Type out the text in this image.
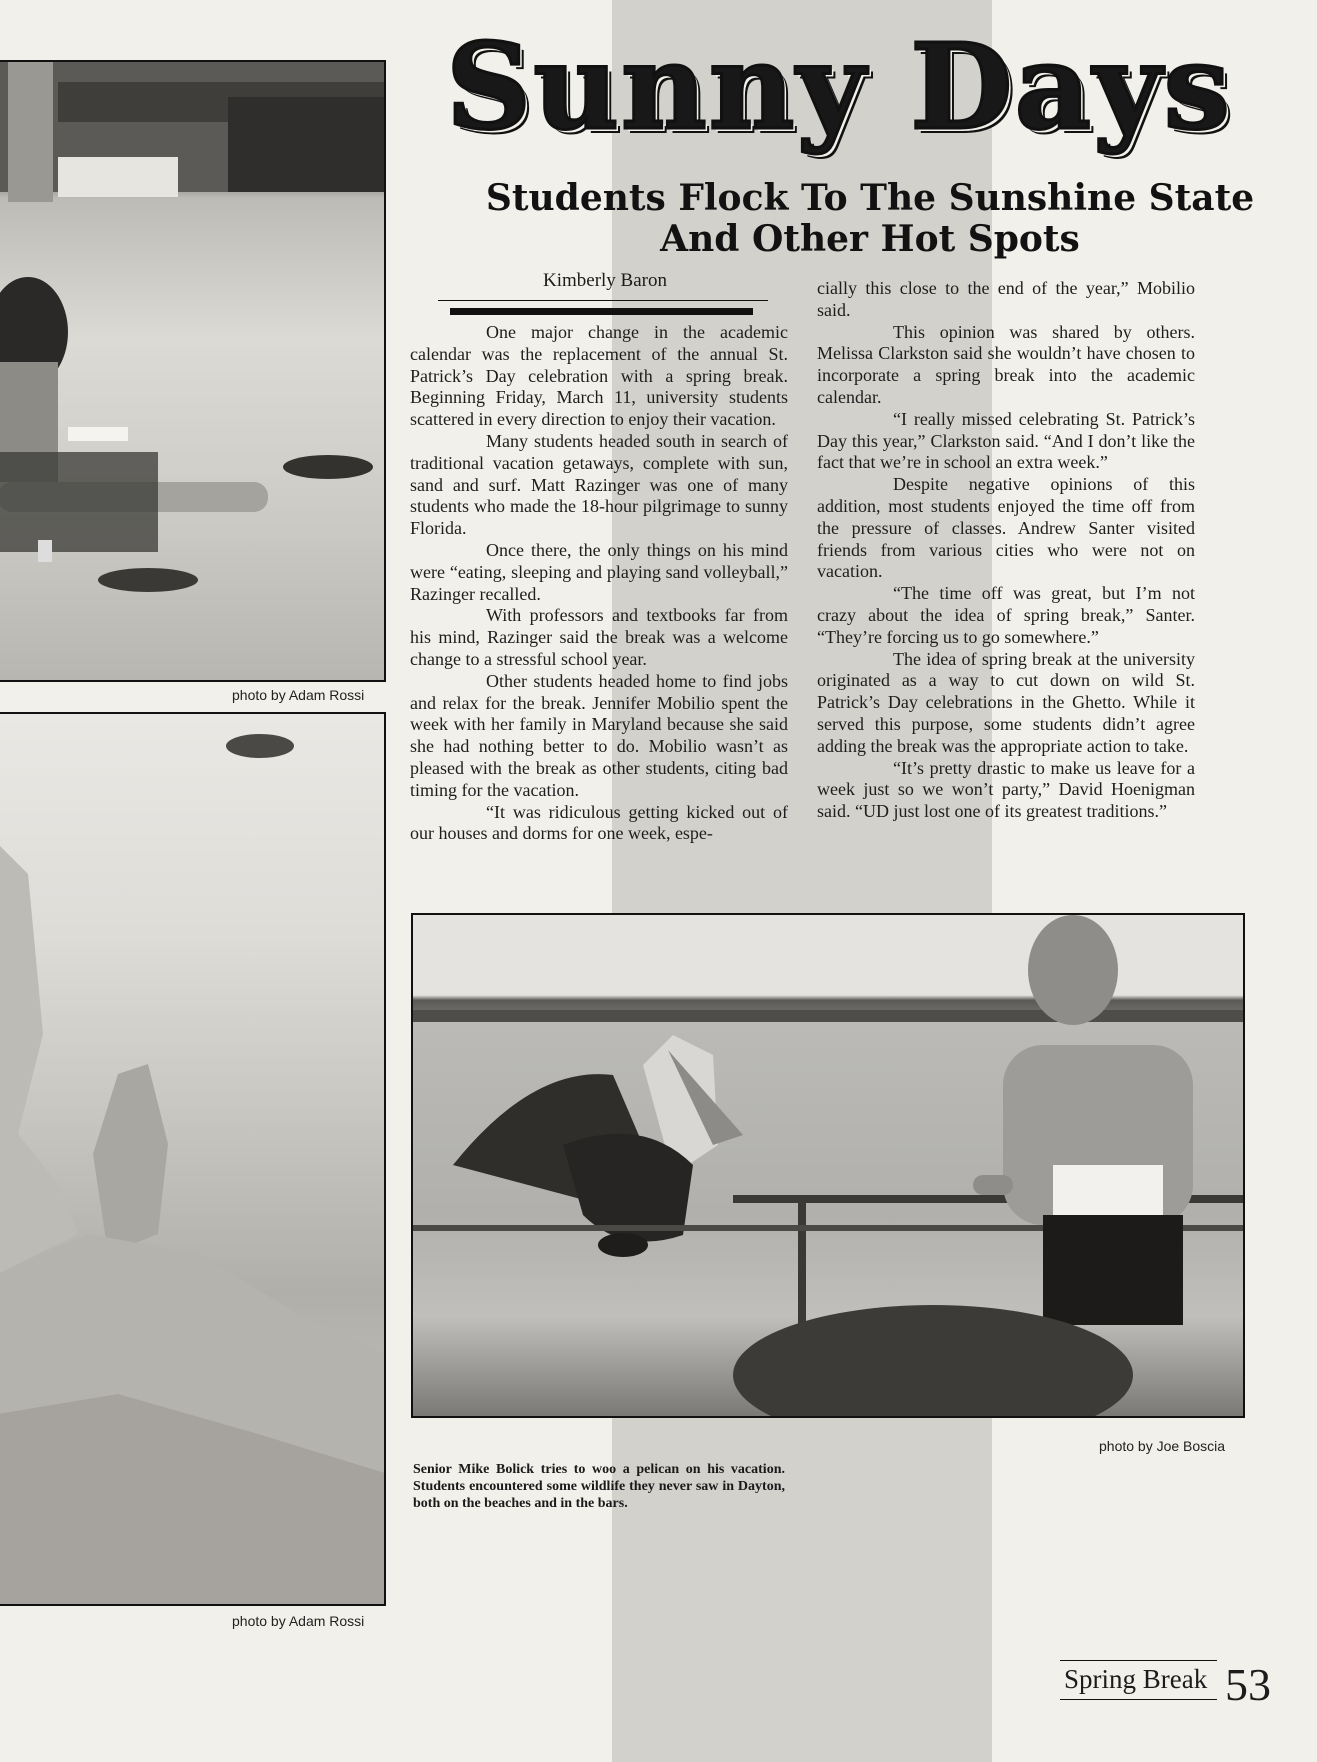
photo by Adam Rossi
photo by Adam Rossi
Sunny Days
Students Flock To The Sunshine State And Other Hot Spots
Kimberly Baron

One major change in the academic calendar was the replacement of the annual St. Patrick’s Day celebration with a spring break. Beginning Friday, March 11, university students scattered in every direction to enjoy their vacation.

Many students headed south in search of traditional vacation getaways, complete with sun, sand and surf. Matt Razinger was one of many students who made the 18-hour pilgrimage to sunny Florida.

Once there, the only things on his mind were “eating, sleeping and playing sand volleyball,” Razinger recalled.

With professors and textbooks far from his mind, Razinger said the break was a welcome change to a stressful school year.

Other students headed home to find jobs and relax for the break. Jennifer Mobilio spent the week with her family in Maryland because she said she had nothing better to do. Mobilio wasn’t as pleased with the break as other students, citing bad timing for the vacation.

“It was ridiculous getting kicked out of our houses and dorms for one week, espe-

cially this close to the end of the year,” Mobilio said.

This opinion was shared by others. Melissa Clarkston said she wouldn’t have chosen to incorporate a spring break into the academic calendar.

“I really missed celebrating St. Patrick’s Day this year,” Clarkston said. “And I don’t like the fact that we’re in school an extra week.”

Despite negative opinions of this addition, most students enjoyed the time off from the pressure of classes. Andrew Santer visited friends from various cities who were not on vacation.

“The time off was great, but I’m not crazy about the idea of spring break,” Santer. “They’re forcing us to go somewhere.”

The idea of spring break at the university originated as a way to cut down on wild St. Patrick’s Day celebrations in the Ghetto. While it served this purpose, some students didn’t agree adding the break was the appropriate action to take.

“It’s pretty drastic to make us leave for a week just so we won’t party,” David Hoenigman said. “UD just lost one of its greatest traditions.”

photo by Joe Boscia
Senior Mike Bolick tries to woo a pelican on his vacation. Students encountered some wildlife they never saw in Dayton, both on the beaches and in the bars.
Spring Break 53
